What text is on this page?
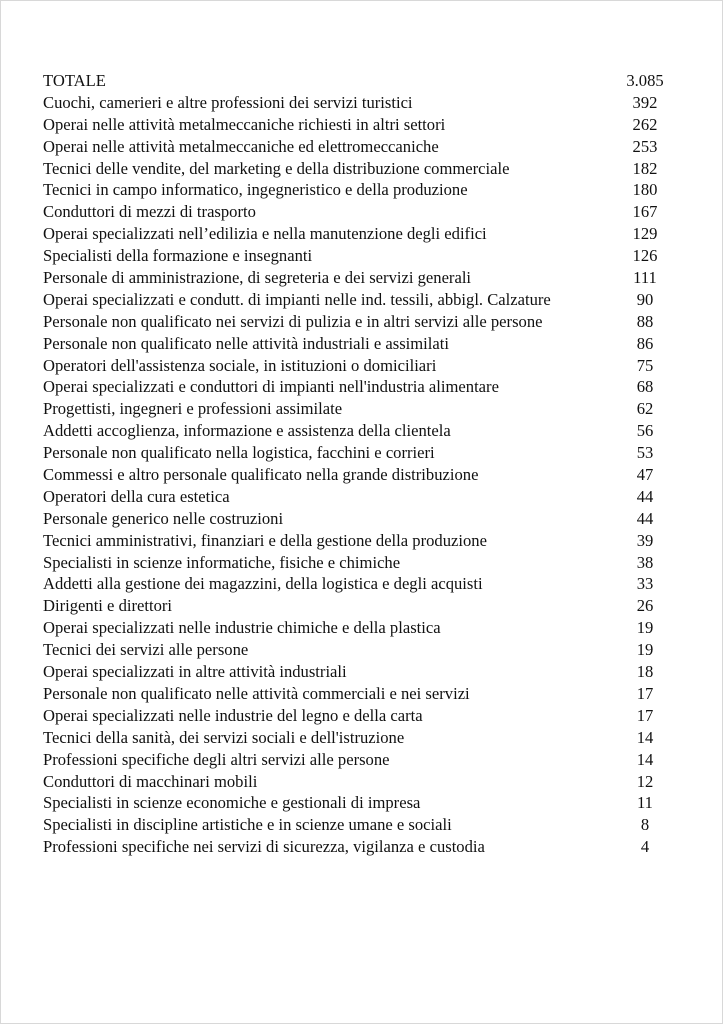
TOTALE	3.085
Cuochi, camerieri e altre professioni dei servizi turistici	392
Operai nelle attività metalmeccaniche richiesti in altri settori	262
Operai nelle attività metalmeccaniche ed elettromeccaniche	253
Tecnici delle vendite, del marketing e della distribuzione commerciale	182
Tecnici in campo informatico, ingegneristico e della produzione	180
Conduttori di mezzi di trasporto	167
Operai specializzati nell’edilizia e nella manutenzione degli edifici	129
Specialisti della formazione e insegnanti	126
Personale di amministrazione, di segreteria e dei servizi generali	111
Operai specializzati e condutt. di impianti nelle ind. tessili, abbigl. Calzature	90
Personale non qualificato nei servizi di pulizia e in altri servizi alle persone	88
Personale non qualificato nelle attività industriali e assimilati	86
Operatori dell'assistenza sociale, in istituzioni o domiciliari	75
Operai specializzati e conduttori di impianti nell'industria alimentare	68
Progettisti, ingegneri e professioni assimilate	62
Addetti accoglienza, informazione e assistenza della clientela	56
Personale non qualificato nella logistica, facchini e corrieri	53
Commessi e altro personale qualificato nella grande distribuzione	47
Operatori della cura estetica	44
Personale generico nelle costruzioni	44
Tecnici amministrativi, finanziari e della gestione della produzione	39
Specialisti in scienze informatiche, fisiche e chimiche	38
Addetti alla gestione dei magazzini, della logistica e degli acquisti	33
Dirigenti e direttori	26
Operai specializzati nelle industrie chimiche e della plastica	19
Tecnici dei servizi alle persone	19
Operai specializzati in altre attività industriali	18
Personale non qualificato nelle attività commerciali e nei servizi	17
Operai specializzati nelle industrie del legno e della carta	17
Tecnici della sanità, dei servizi sociali e dell'istruzione	14
Professioni specifiche degli altri servizi alle persone	14
Conduttori di macchinari mobili	12
Specialisti in scienze economiche e gestionali di impresa	11
Specialisti in discipline artistiche e in scienze umane e sociali	8
Professioni specifiche nei servizi di sicurezza, vigilanza e custodia	4
